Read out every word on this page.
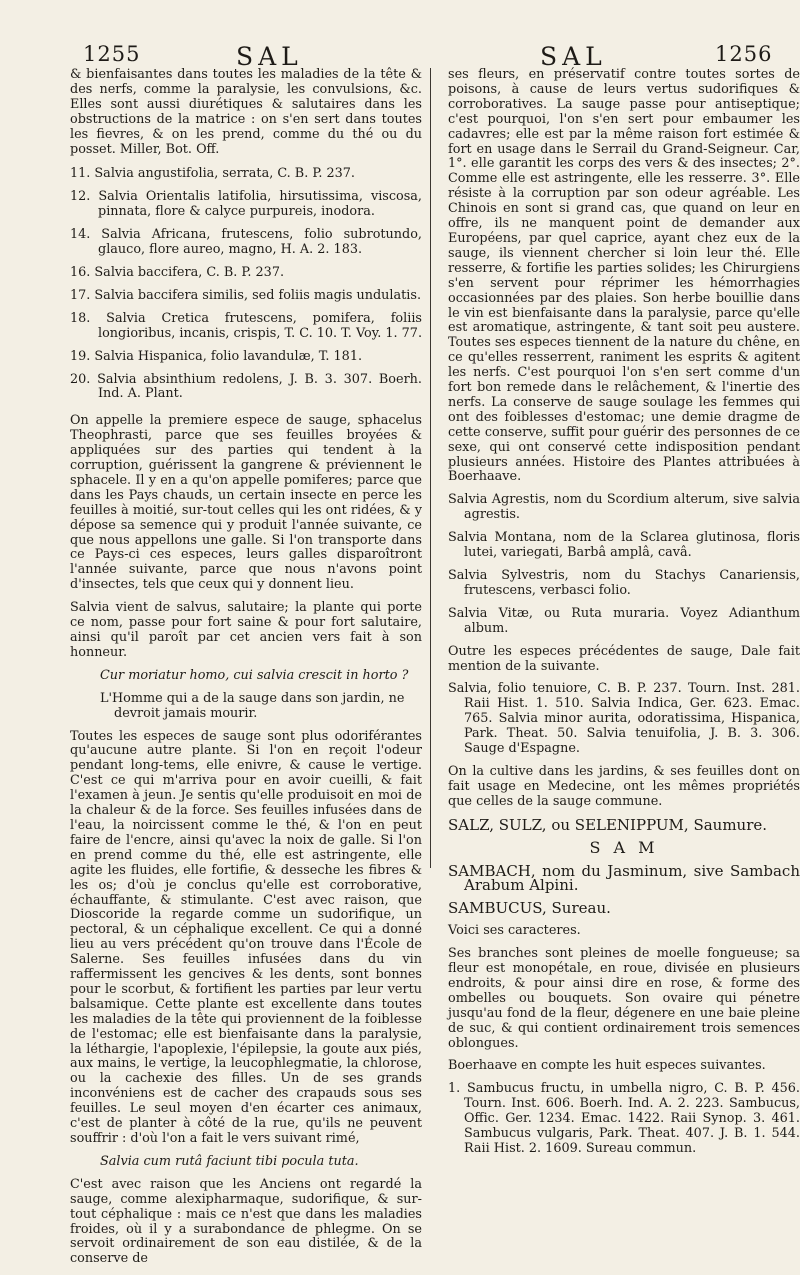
1255	SAL	SAL	1256

& bienfaisantes dans toutes les maladies de la tête & des nerfs, comme la paralysie, les convulsions, &c. Elles sont aussi diurétiques & salutaires dans les obstructions de la matrice : on s'en sert dans toutes les fievres, & on les prend, comme du thé ou du posset. Miller, Bot. Off.

11. Salvia angustifolia, serrata, C. B. P. 237.

12. Salvia Orientalis latifolia, hirsutissima, viscosa, pinnata, flore & calyce purpureis, inodora.

14. Salvia Africana, frutescens, folio subrotundo, glauco, flore aureo, magno, H. A. 2. 183.

16. Salvia baccifera, C. B. P. 237.

17. Salvia baccifera similis, sed foliis magis undulatis.

18. Salvia Cretica frutescens, pomifera, foliis longioribus, incanis, crispis, T. C. 10. T. Voy. 1. 77.

19. Salvia Hispanica, folio lavandulæ, T. 181.

20. Salvia absinthium redolens, J. B. 3. 307. Boerh. Ind. A. Plant.

On appelle la premiere espece de sauge, sphacelus Theophrasti, parce que ses feuilles broyées & appliquées sur des parties qui tendent à la corruption, guérissent la gangrene & préviennent le sphacele. Il y en a qu'on appelle pomiferes; parce que dans les Pays chauds, un certain insecte en perce les feuilles à moitié, sur-tout celles qui les ont ridées, & y dépose sa semence qui y produit l'année suivante, ce que nous appellons une galle. Si l'on transporte dans ce Pays-ci ces especes, leurs galles disparoîtront l'année suivante, parce que nous n'avons point d'insectes, tels que ceux qui y donnent lieu.

Salvia vient de salvus, salutaire; la plante qui porte ce nom, passe pour fort saine & pour fort salutaire, ainsi qu'il paroît par cet ancien vers fait à son honneur.

Cur moriatur homo, cui salvia crescit in horto ?

L'Homme qui a de la sauge dans son jardin, ne devroit jamais mourir.

Toutes les especes de sauge sont plus odoriférantes qu'aucune autre plante. Si l'on en reçoit l'odeur pendant long-tems, elle enivre, & cause le vertige. C'est ce qui m'arriva pour en avoir cueilli, & fait l'examen à jeun. Je sentis qu'elle produisoit en moi de la chaleur & de la force. Ses feuilles infusées dans de l'eau, la noircissent comme le thé, & l'on en peut faire de l'encre, ainsi qu'avec la noix de galle. Si l'on en prend comme du thé, elle est astringente, elle agite les fluides, elle fortifie, & desseche les fibres & les os; d'où je conclus qu'elle est corroborative, échauffante, & stimulante. C'est avec raison, que Dioscoride la regarde comme un sudorifique, un pectoral, & un céphalique excellent. Ce qui a donné lieu au vers précédent qu'on trouve dans l'École de Salerne. Ses feuilles infusées dans du vin raffermissent les gencives & les dents, sont bonnes pour le scorbut, & fortifient les parties par leur vertu balsamique. Cette plante est excellente dans toutes les maladies de la tête qui proviennent de la foiblesse de l'estomac; elle est bienfaisante dans la paralysie, la léthargie, l'apoplexie, l'épilepsie, la goute aux piés, aux mains, le vertige, la leucophlegmatie, la chlorose, ou la cachexie des filles. Un de ses grands inconvéniens est de cacher des crapauds sous ses feuilles. Le seul moyen d'en écarter ces animaux, c'est de planter à côté de la rue, qu'ils ne peuvent souffrir : d'où l'on a fait le vers suivant rimé,

Salvia cum rutâ faciunt tibi pocula tuta.

C'est avec raison que les Anciens ont regardé la sauge, comme alexipharmaque, sudorifique, & sur-tout céphalique : mais ce n'est que dans les maladies froides, où il y a surabondance de phlegme. On se servoit ordinairement de son eau distilée, & de la conserve de

ses fleurs, en préservatif contre toutes sortes de poisons, à cause de leurs vertus sudorifiques & corroboratives. La sauge passe pour antiseptique; c'est pourquoi, l'on s'en sert pour embaumer les cadavres; elle est par la même raison fort estimée & fort en usage dans le Serrail du Grand-Seigneur. Car, 1°. elle garantit les corps des vers & des insectes; 2°. Comme elle est astringente, elle les resserre. 3°. Elle résiste à la corruption par son odeur agréable. Les Chinois en sont si grand cas, que quand on leur en offre, ils ne manquent point de demander aux Européens, par quel caprice, ayant chez eux de la sauge, ils viennent chercher si loin leur thé. Elle resserre, & fortifie les parties solides; les Chirurgiens s'en servent pour réprimer les hémorrhagies occasionnées par des plaies. Son herbe bouillie dans le vin est bienfaisante dans la paralysie, parce qu'elle est aromatique, astringente, & tant soit peu austere. Toutes ses especes tiennent de la nature du chêne, en ce qu'elles resserrent, raniment les esprits & agitent les nerfs. C'est pourquoi l'on s'en sert comme d'un fort bon remede dans le relâchement, & l'inertie des nerfs. La conserve de sauge soulage les femmes qui ont des foiblesses d'estomac; une demie dragme de cette conserve, suffit pour guérir des personnes de ce sexe, qui ont conservé cette indisposition pendant plusieurs années. Histoire des Plantes attribuées à Boerhaave.

Salvia Agrestis, nom du Scordium alterum, sive salvia agrestis.

Salvia Montana, nom de la Sclarea glutinosa, floris lutei, variegati, Barbâ amplâ, cavâ.

Salvia Sylvestris, nom du Stachys Canariensis, frutescens, verbasci folio.

Salvia Vitæ, ou Ruta muraria. Voyez Adianthum album.

Outre les especes précédentes de sauge, Dale fait mention de la suivante.

Salvia, folio tenuiore, C. B. P. 237. Tourn. Inst. 281. Raii Hist. 1. 510. Salvia Indica, Ger. 623. Emac. 765. Salvia minor aurita, odoratissima, Hispanica, Park. Theat. 50. Salvia tenuifolia, J. B. 3. 306. Sauge d'Espagne.

On la cultive dans les jardins, & ses feuilles dont on fait usage en Medecine, ont les mêmes propriétés que celles de la sauge commune.

SALZ, SULZ, ou SELENIPPUM, Saumure.

S A M

SAMBACH, nom du Jasminum, sive Sambach Arabum Alpini.

SAMBUCUS, Sureau.

Voici ses caracteres.

Ses branches sont pleines de moelle fongueuse; sa fleur est monopétale, en roue, divisée en plusieurs endroits, & pour ainsi dire en rose, & forme des ombelles ou bouquets. Son ovaire qui pénetre jusqu'au fond de la fleur, dégenere en une baie pleine de suc, & qui contient ordinairement trois semences oblongues.

Boerhaave en compte les huit especes suivantes.

1. Sambucus fructu, in umbella nigro, C. B. P. 456. Tourn. Inst. 606. Boerh. Ind. A. 2. 223. Sambucus, Offic. Ger. 1234. Emac. 1422. Raii Synop. 3. 461. Sambucus vulgaris, Park. Theat. 407. J. B. 1. 544. Raii Hist. 2. 1609. Sureau commun.
